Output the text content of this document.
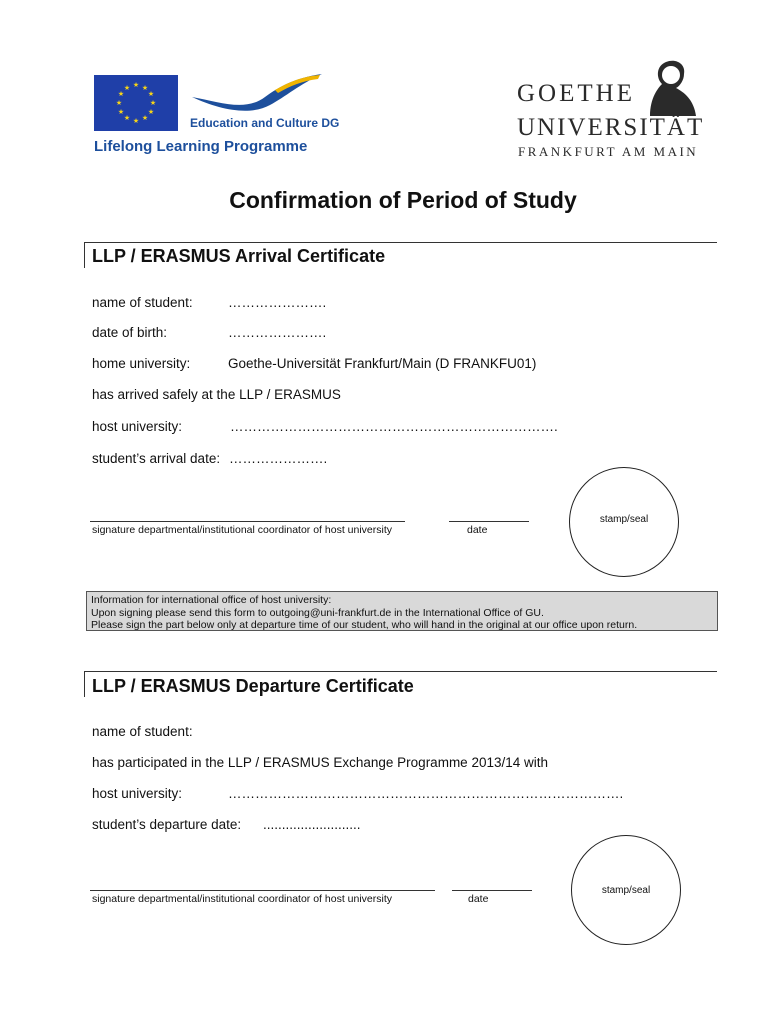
★ ★
★
★
★
★
★
★
★
★
★
★
Education and Culture DG
Lifelong Learning Programme
GOETHE
UNIVERSITÄT
FRANKFURT AM MAIN
Confirmation of Period of Study
LLP / ERASMUS Arrival Certificate
name of student:	………………….
date of birth:	………………….
home university:	Goethe-Universität Frankfurt/Main (D FRANKFU01)
has arrived safely at the LLP / ERASMUS
host university:	……………………………………………………………….
student’s arrival date: ………………….
signature departmental/institutional coordinator of host university	date
stamp/seal
Information for international office of host university:
Upon signing please send this form to outgoing@uni-frankfurt.de in the International Office of GU.
Please sign the part below only at departure time of our student, who will hand in the original at our office upon return.
LLP / ERASMUS Departure Certificate
name of student:
has participated in the LLP / ERASMUS Exchange Programme 2013/14 with
host university:	…………………………………………………………………………….
student’s departure date: ..........................
signature departmental/institutional coordinator of host university	date
stamp/seal
